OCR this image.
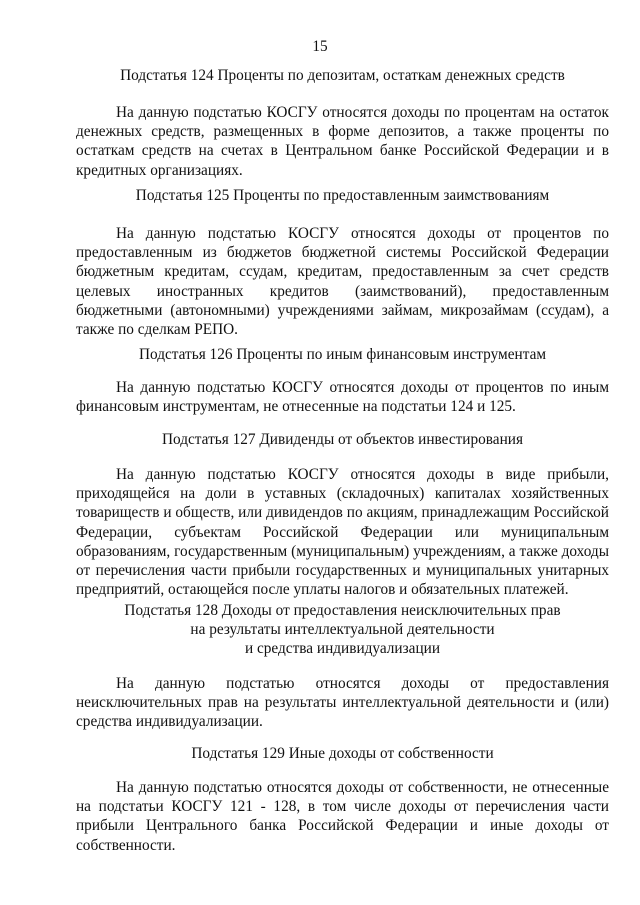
15
Подстатья 124 Проценты по депозитам, остаткам денежных средств
На данную подстатью КОСГУ относятся доходы по процентам на остаток денежных средств, размещенных в форме депозитов, а также проценты по остаткам средств на счетах в Центральном банке Российской Федерации и в кредитных организациях.
Подстатья 125 Проценты по предоставленным заимствованиям
На данную подстатью КОСГУ относятся доходы от процентов по предоставленным из бюджетов бюджетной системы Российской Федерации бюджетным кредитам, ссудам, кредитам, предоставленным за счет средств целевых иностранных кредитов (заимствований), предоставленным бюджетными (автономными) учреждениями займам, микрозаймам (ссудам), а также по сделкам РЕПО.
Подстатья 126 Проценты по иным финансовым инструментам
На данную подстатью КОСГУ относятся доходы от процентов по иным финансовым инструментам, не отнесенные на подстатьи 124 и 125.
Подстатья 127 Дивиденды от объектов инвестирования
На данную подстатью КОСГУ относятся доходы в виде прибыли, приходящейся на доли в уставных (складочных) капиталах хозяйственных товариществ и обществ, или дивидендов по акциям, принадлежащим Российской Федерации, субъектам Российской Федерации или муниципальным образованиям, государственным (муниципальным) учреждениям, а также доходы от перечисления части прибыли государственных и муниципальных унитарных предприятий, остающейся после уплаты налогов и обязательных платежей.
Подстатья 128 Доходы от предоставления неисключительных прав
на результаты интеллектуальной деятельности
и средства индивидуализации
На данную подстатью относятся доходы от предоставления неисключительных прав на результаты интеллектуальной деятельности и (или) средства индивидуализации.
Подстатья 129 Иные доходы от собственности
На данную подстатью относятся доходы от собственности, не отнесенные на подстатьи КОСГУ 121 - 128, в том числе доходы от перечисления части прибыли Центрального банка Российской Федерации и иные доходы от собственности.
